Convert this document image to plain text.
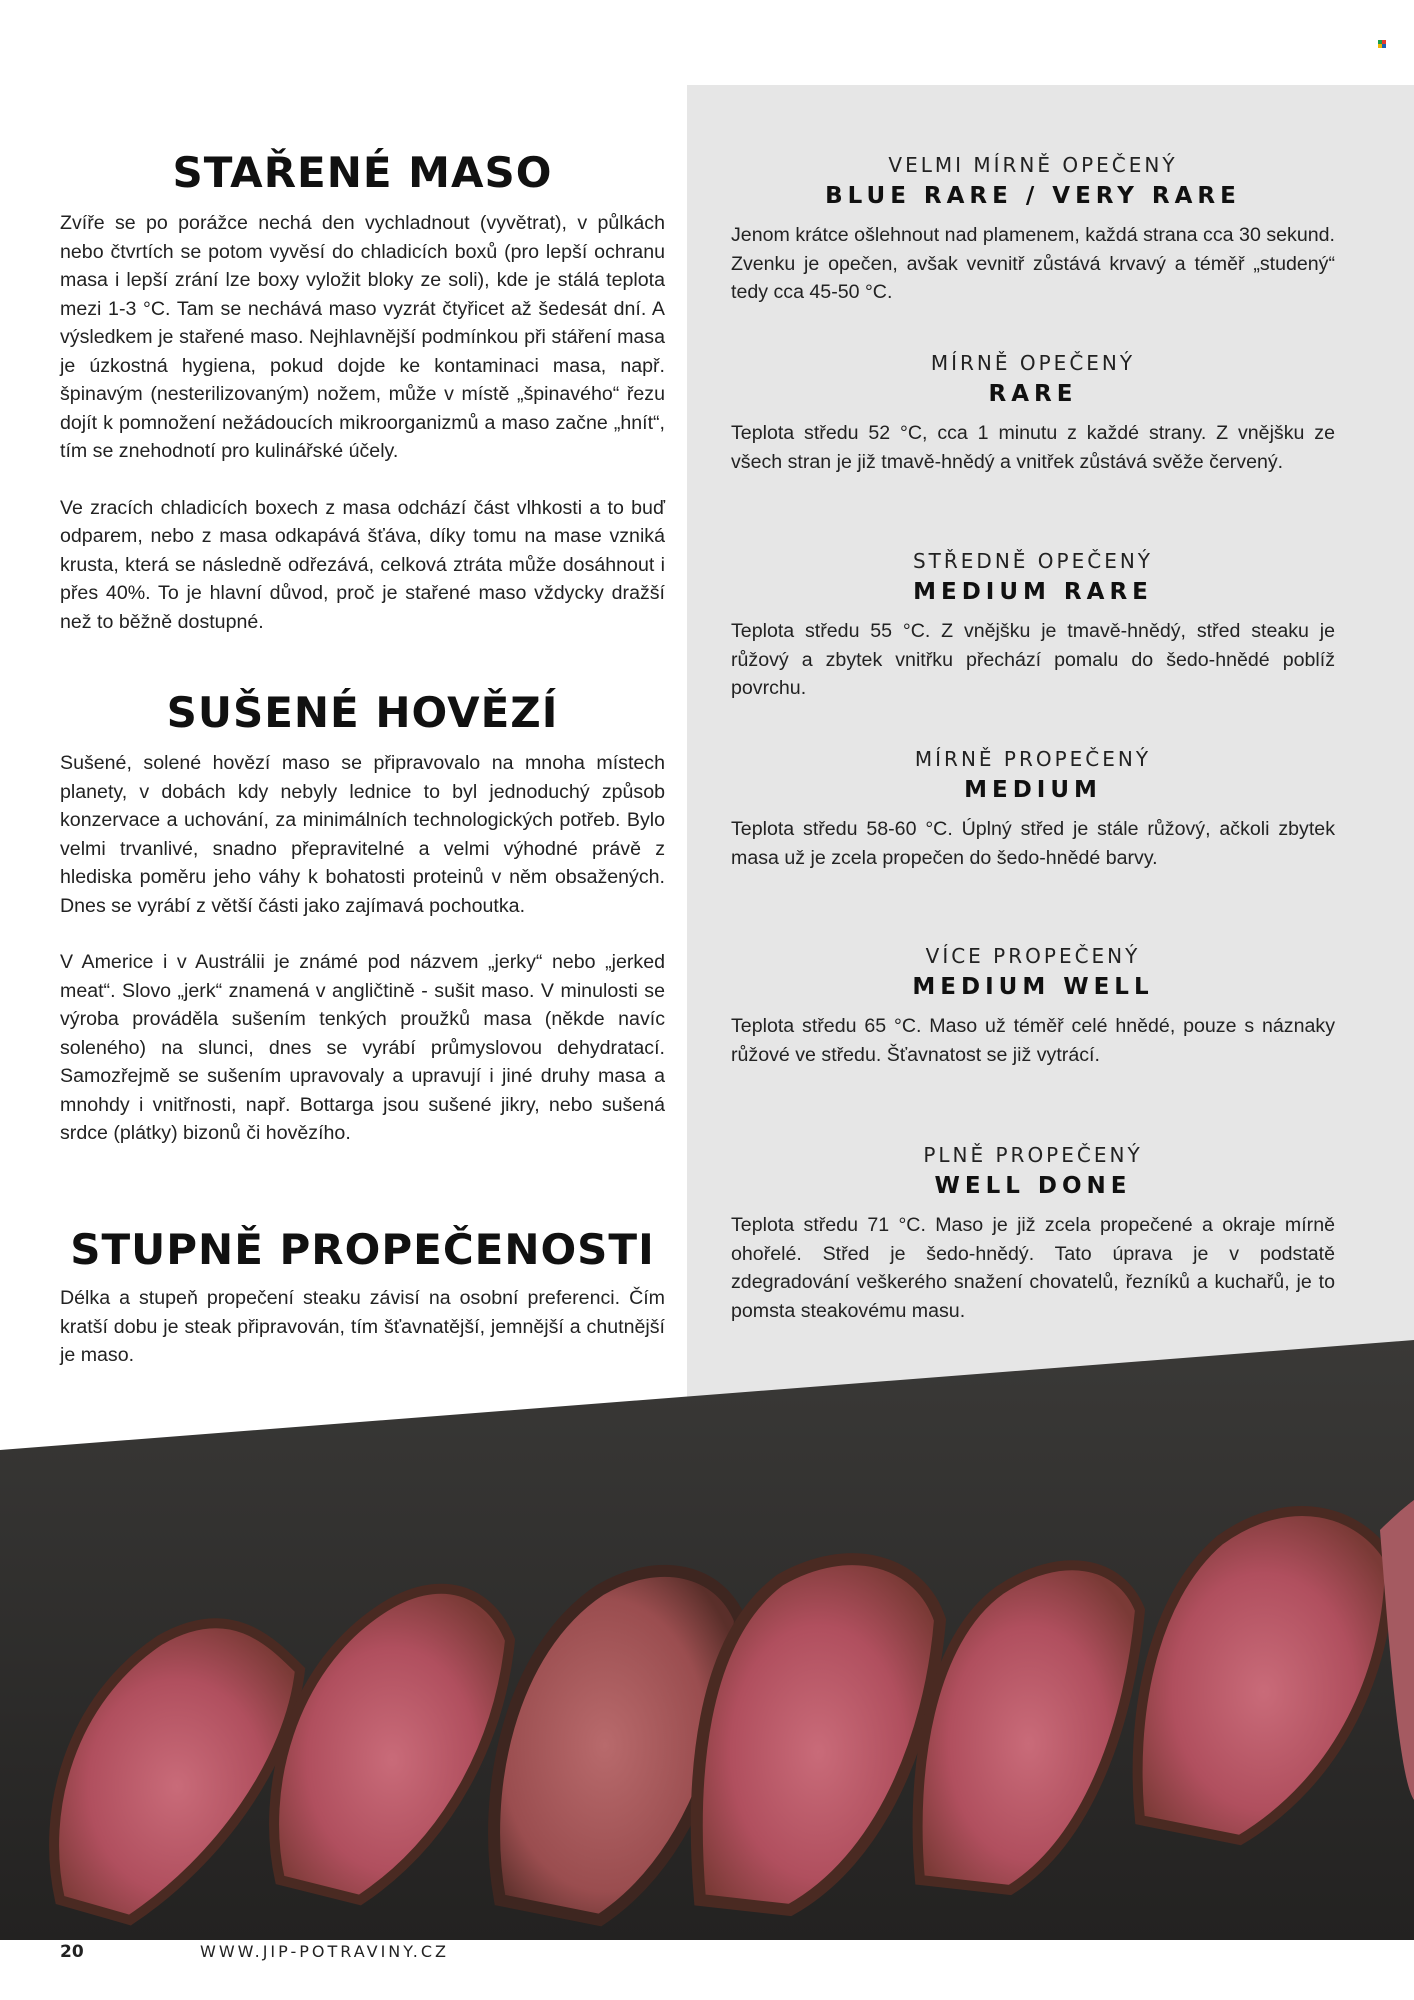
STAŘENÉ MASO

Zvíře se po porážce nechá den vychladnout (vyvětrat), v půlkách nebo čtvrtích se potom vyvěsí do chladicích boxů (pro lepší ochranu masa i lepší zrání lze boxy vyložit bloky ze soli), kde je stálá teplota mezi 1-3 °C. Tam se nechává maso vyzrát čtyřicet až šedesát dní. A výsledkem je stařené maso. Nejhlavnější podmínkou při stáření masa je úzkostná hygiena, pokud dojde ke kontaminaci masa, např. špinavým (nesterilizovaným) nožem, může v místě „špinavého“ řezu dojít k pomnožení nežádoucích mikroorganizmů a maso začne „hnít“, tím se znehodnotí pro kulinářské účely.

Ve zracích chladicích boxech z masa odchází část vlhkosti a to buď odparem, nebo z masa odkapává šťáva, díky tomu na mase vzniká krusta, která se následně odřezává, celková ztráta může dosáhnout i přes 40%. To je hlavní důvod, proč je stařené maso vždycky dražší než to běžně dostupné.

SUŠENÉ HOVĚZÍ

Sušené, solené hovězí maso se připravovalo na mnoha místech planety, v dobách kdy nebyly lednice to byl jednoduchý způsob konzervace a uchování, za minimálních technologických potřeb. Bylo velmi trvanlivé, snadno přepravitelné a velmi výhodné právě z hlediska poměru jeho váhy k bohatosti proteinů v něm obsažených. Dnes se vyrábí z větší části jako zajímavá pochoutka.

V Americe i v Austrálii je známé pod názvem „jerky“ nebo „jerked meat“. Slovo „jerk“ znamená v angličtině - sušit maso. V minulosti se výroba prováděla sušením tenkých proužků masa (někde navíc soleného) na slunci, dnes se vyrábí průmyslovou dehydratací. Samozřejmě se sušením upravovaly a upravují i jiné druhy masa a mnohdy i vnitřnosti, např. Bottarga jsou sušené jikry, nebo sušená srdce (plátky) bizonů či hovězího.

STUPNĚ PROPEČENOSTI

Délka a stupeň propečení steaku závisí na osobní preferenci. Čím kratší dobu je steak připravován, tím šťavnatější, jemnější a chutnější je maso.

VELMI MÍRNĚ OPEČENÝ

BLUE RARE / VERY RARE

Jenom krátce ošlehnout nad plamenem, každá strana cca 30 sekund. Zvenku je opečen, avšak vevnitř zůstává krvavý a téměř „studený“ tedy cca 45-50 °C.

MÍRNĚ OPEČENÝ

RARE

Teplota středu 52 °C, cca 1 minutu z každé strany. Z vnějšku ze všech stran je již tmavě-hnědý a vnitřek zůstává svěže červený.

STŘEDNĚ OPEČENÝ

MEDIUM RARE

Teplota středu 55 °C. Z vnějšku je tmavě-hnědý, střed steaku je růžový a zbytek vnitřku přechází pomalu do šedo-hnědé poblíž povrchu.

MÍRNĚ PROPEČENÝ

MEDIUM

Teplota středu 58-60 °C. Úplný střed je stále růžový, ačkoli zbytek masa už je zcela propečen do šedo-hnědé barvy.

VÍCE PROPEČENÝ

MEDIUM WELL

Teplota středu 65 °C. Maso už téměř celé hnědé, pouze s náznaky růžové ve středu. Šťavnatost se již vytrácí.

PLNĚ PROPEČENÝ

WELL DONE

Teplota středu 71 °C. Maso je již zcela propečené a okraje mírně ohořelé. Střed je šedo-hnědý. Tato úprava je v podstatě zdegradování veškerého snažení chovatelů, řezníků a kuchařů, je to pomsta steakovému masu.

20	WWW.JIP-POTRAVINY.CZ
